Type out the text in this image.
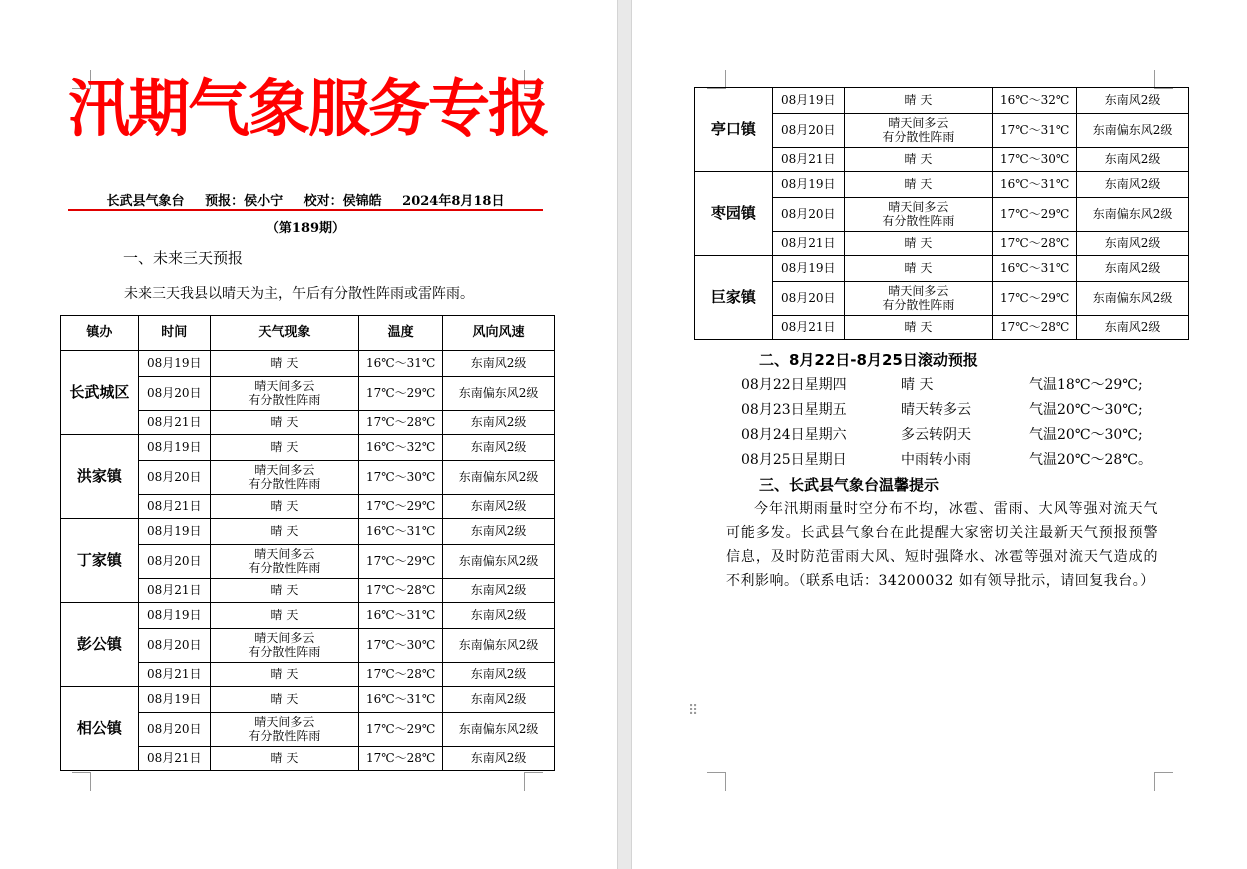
汛期气象服务专报
长武县气象台 预报：侯小宁 校对：侯锦皓 2024年8月18日
（第189期）
一、未来三天预报
未来三天我县以晴天为主，午后有分散性阵雨或雷阵雨。
镇办	时间	天气现象	温度	风向风速
长武城区	08月19日	晴 天	16℃～31℃	东南风2级
	08月20日	晴天间多云
有分散性阵雨	17℃～29℃	东南偏东风2级
	08月21日	晴 天	17℃～28℃	东南风2级
洪家镇	08月19日	晴 天	16℃～32℃	东南风2级
	08月20日	晴天间多云
有分散性阵雨	17℃～30℃	东南偏东风2级
	08月21日	晴 天	17℃～29℃	东南风2级
丁家镇	08月19日	晴 天	16℃～31℃	东南风2级
	08月20日	晴天间多云
有分散性阵雨	17℃～29℃	东南偏东风2级
	08月21日	晴 天	17℃～28℃	东南风2级
彭公镇	08月19日	晴 天	16℃～31℃	东南风2级
	08月20日	晴天间多云
有分散性阵雨	17℃～30℃	东南偏东风2级
	08月21日	晴 天	17℃～28℃	东南风2级
相公镇	08月19日	晴 天	16℃～31℃	东南风2级
	08月20日	晴天间多云
有分散性阵雨	17℃～29℃	东南偏东风2级
	08月21日	晴 天	17℃～28℃	东南风2级
亭口镇	08月19日	晴 天	16℃～32℃	东南风2级
	08月20日	晴天间多云
有分散性阵雨	17℃～31℃	东南偏东风2级
	08月21日	晴 天	17℃～30℃	东南风2级
枣园镇	08月19日	晴 天	16℃～31℃	东南风2级
	08月20日	晴天间多云
有分散性阵雨	17℃～29℃	东南偏东风2级
	08月21日	晴 天	17℃～28℃	东南风2级
巨家镇	08月19日	晴 天	16℃～31℃	东南风2级
	08月20日	晴天间多云
有分散性阵雨	17℃～29℃	东南偏东风2级
	08月21日	晴 天	17℃～28℃	东南风2级
二、8月22日-8月25日滚动预报
08月22日星期四	晴 天	气温18℃～29℃;
08月23日星期五	晴天转多云	气温20℃～30℃;
08月24日星期六	多云转阴天	气温20℃～30℃;
08月25日星期日	中雨转小雨	气温20℃～28℃。
三、长武县气象台温馨提示
今年汛期雨量时空分布不均，冰雹、雷雨、大风等强对流天气可能多发。长武县气象台在此提醒大家密切关注最新天气预报预警信息，及时防范雷雨大风、短时强降水、冰雹等强对流天气造成的不利影响。（联系电话：34200032 如有领导批示，请回复我台。）
⠿
